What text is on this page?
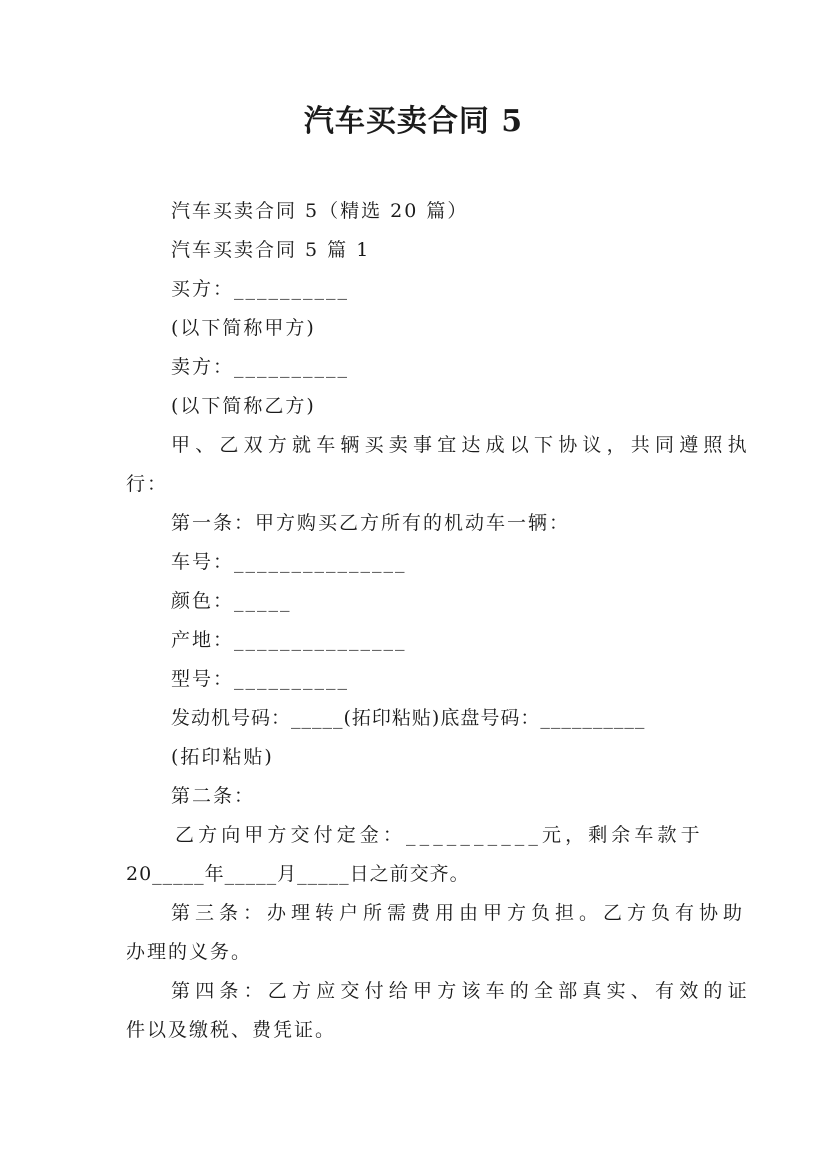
汽车买卖合同 5
汽车买卖合同 5（精选 20 篇）
汽车买卖合同 5 篇 1
买方：__________
(以下简称甲方)
卖方：__________
(以下简称乙方)
甲、乙双方就车辆买卖事宜达成以下协议，共同遵照执
行：
第一条：甲方购买乙方所有的机动车一辆：
车号：_______________
颜色：_____
产地：_______________
型号：__________
发动机号码：_____(拓印粘贴)底盘号码：__________
(拓印粘贴)
第二条：
乙方向甲方交付定金：__________元，剩余车款于
20_____年_____月_____日之前交齐。
第三条：办理转户所需费用由甲方负担。乙方负有协助
办理的义务。
第四条：乙方应交付给甲方该车的全部真实、有效的证
件以及缴税、费凭证。
